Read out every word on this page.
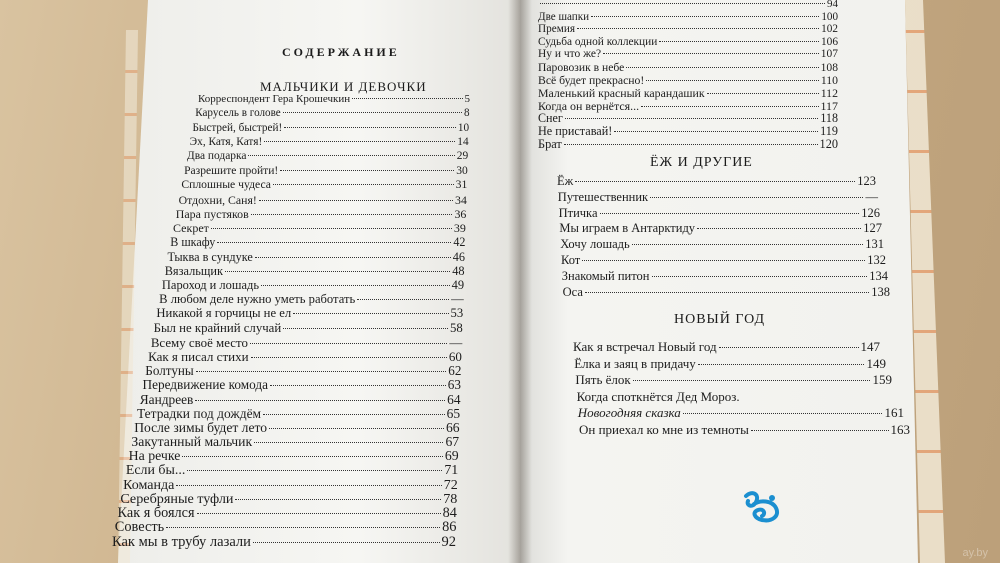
СОДЕРЖАНИЕ
МАЛЬЧИКИ И ДЕВОЧКИ
Корреспондент Гера Крошечкин	5
Карусель в голове	8
Быстрей, быстрей!	10
Эх, Катя, Катя!	14
Два подарка	29
Разрешите пройти!	30
Сплошные чудеса	31
Отдохни, Саня!	34
Пара пустяков	36
Секрет	39
В шкафу	42
Тыква в сундуке	46
Вязальщик	48
Пароход и лошадь	49
В любом деле нужно уметь работать	—
Никакой я горчицы не ел	53
Был не крайний случай	58
Всему своё место	—
Как я писал стихи	60
Болтуны	62
Передвижение комода	63
Яандреев	64
Тетрадки под дождём	65
После зимы будет лето	66
Закутанный мальчик	67
На речке	69
Если бы...	71
Команда	72
Серебряные туфли	78
Как я боялся	84
Совесть	86
Как мы в трубу лазали	92
94
Две шапки	100
Премия	102
Судьба одной коллекции	106
Ну и что же?	107
Паровозик в небе	108
Всё будет прекрасно!	110
Маленький красный карандашик	112
Когда он вернётся...	117
Снег	118
Не приставай!	119
Брат	120
Ёж	123
Путешественник	—
Птичка	126
Мы играем в Антарктиду	127
Хочу лошадь	131
Кот	132
Знакомый питон	134
Оса	138
Как я встречал Новый год	147
Ёлка и заяц в придачу	149
Пять ёлок	159
Когда споткнётся Дед Мороз.
Новогодняя сказка	161
Он приехал ко мне из темноты	163
ЁЖ И ДРУГИЕ
НОВЫЙ ГОД
ay.by
